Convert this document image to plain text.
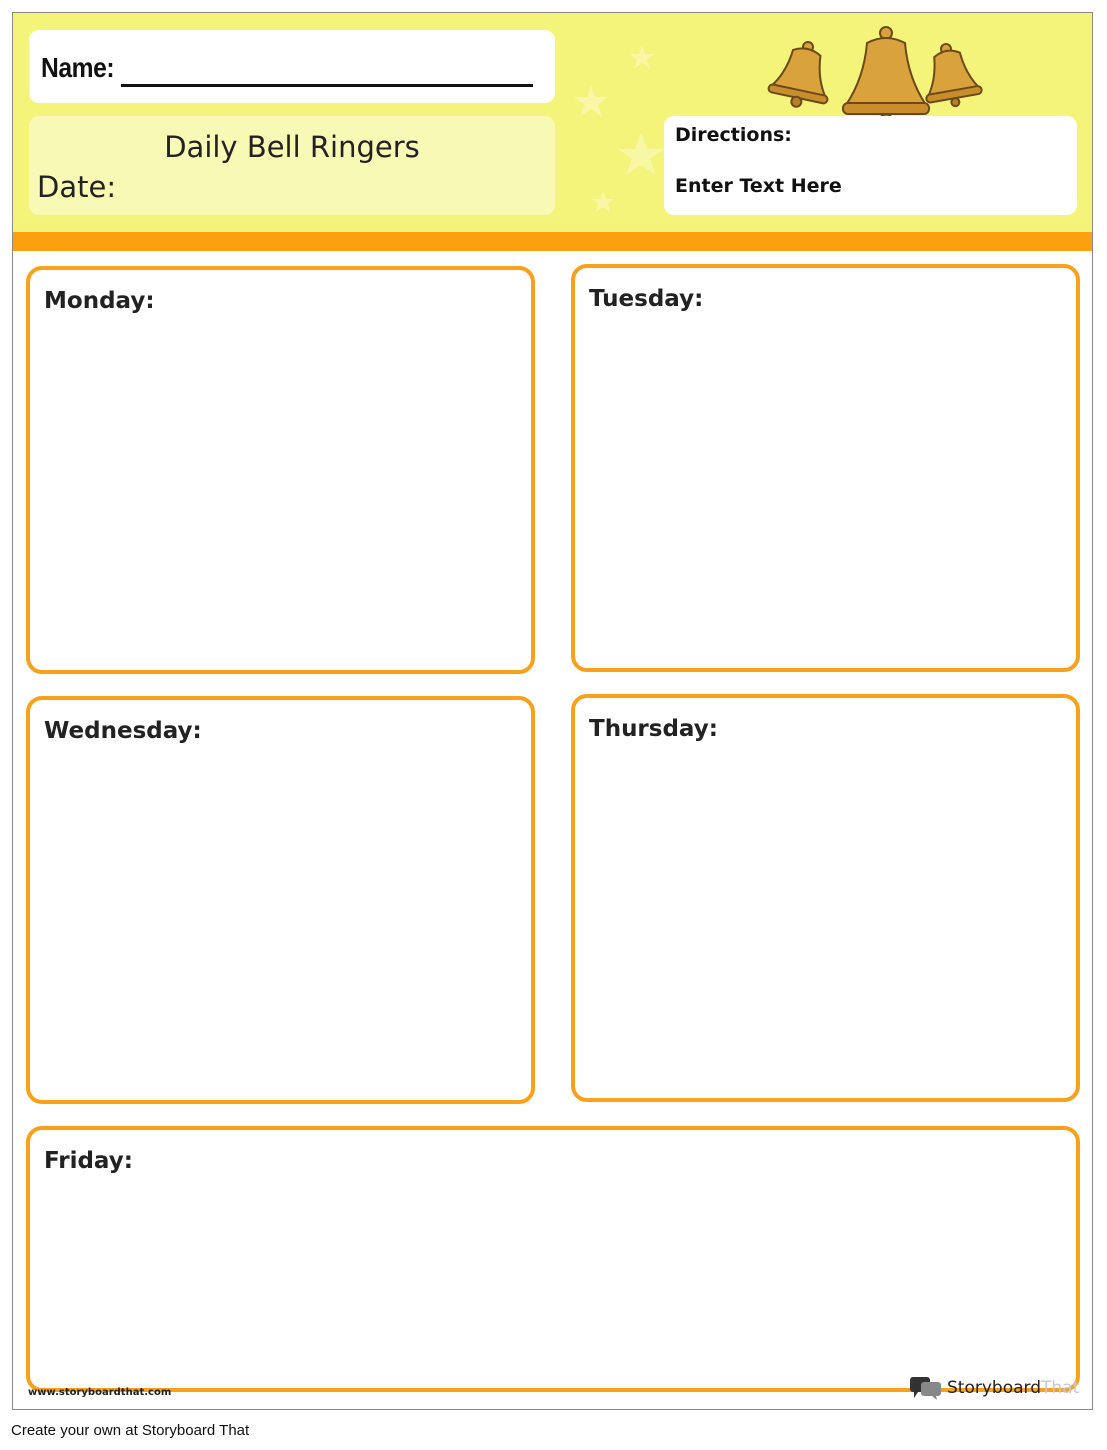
Name:
Daily Bell Ringers
Date:
Directions:
Enter Text Here
Monday:	Tuesday:
Wednesday:	Thursday:
Friday:
www.storyboardthat.com	StoryboardThat
Create your own at Storyboard That
